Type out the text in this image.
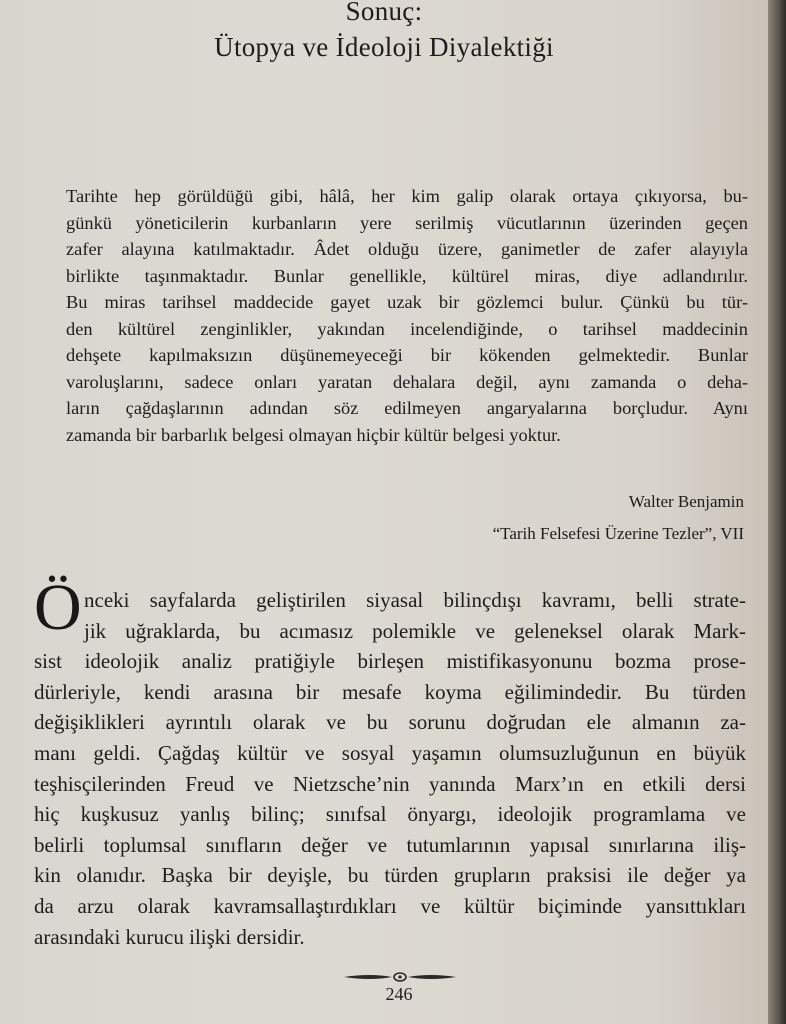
Sonuç:
Ütopya ve İdeoloji Diyalektiği
Tarihte hep görüldüğü gibi, hâlâ, her kim galip olarak ortaya çıkıyorsa, bu-
günkü yöneticilerin kurbanların yere serilmiş vücutlarının üzerinden geçen
zafer alayına katılmaktadır. Âdet olduğu üzere, ganimetler de zafer alayıyla
birlikte taşınmaktadır. Bunlar genellikle, kültürel miras, diye adlandırılır.
Bu miras tarihsel maddecide gayet uzak bir gözlemci bulur. Çünkü bu tür-
den kültürel zenginlikler, yakından incelendiğinde, o tarihsel maddecinin
dehşete kapılmaksızın düşünemeyeceği bir kökenden gelmektedir. Bunlar
varoluşlarını, sadece onları yaratan dehalara değil, aynı zamanda o deha-
ların çağdaşlarının adından söz edilmeyen angaryalarına borçludur. Aynı
zamanda bir barbarlık belgesi olmayan hiçbir kültür belgesi yoktur.
Walter Benjamin
“Tarih Felsefesi Üzerine Tezler”, VII
Ö nceki sayfalarda geliştirilen siyasal bilinçdışı kavramı, belli strate-
jik uğraklarda, bu acımasız polemikle ve geleneksel olarak Mark-
sist ideolojik analiz pratiğiyle birleşen mistifikasyonunu bozma prose-
dürleriyle, kendi arasına bir mesafe koyma eğilimindedir. Bu türden
değişiklikleri ayrıntılı olarak ve bu sorunu doğrudan ele almanın za-
manı geldi. Çağdaş kültür ve sosyal yaşamın olumsuzluğunun en büyük
teşhisçilerinden Freud ve Nietzsche’nin yanında Marx’ın en etkili dersi
hiç kuşkusuz yanlış bilinç; sınıfsal önyargı, ideolojik programlama ve
belirli toplumsal sınıfların değer ve tutumlarının yapısal sınırlarına iliş-
kin olanıdır. Başka bir deyişle, bu türden grupların praksisi ile değer ya
da arzu olarak kavramsallaştırdıkları ve kültür biçiminde yansıttıkları
arasındaki kurucu ilişki dersidir.
246
